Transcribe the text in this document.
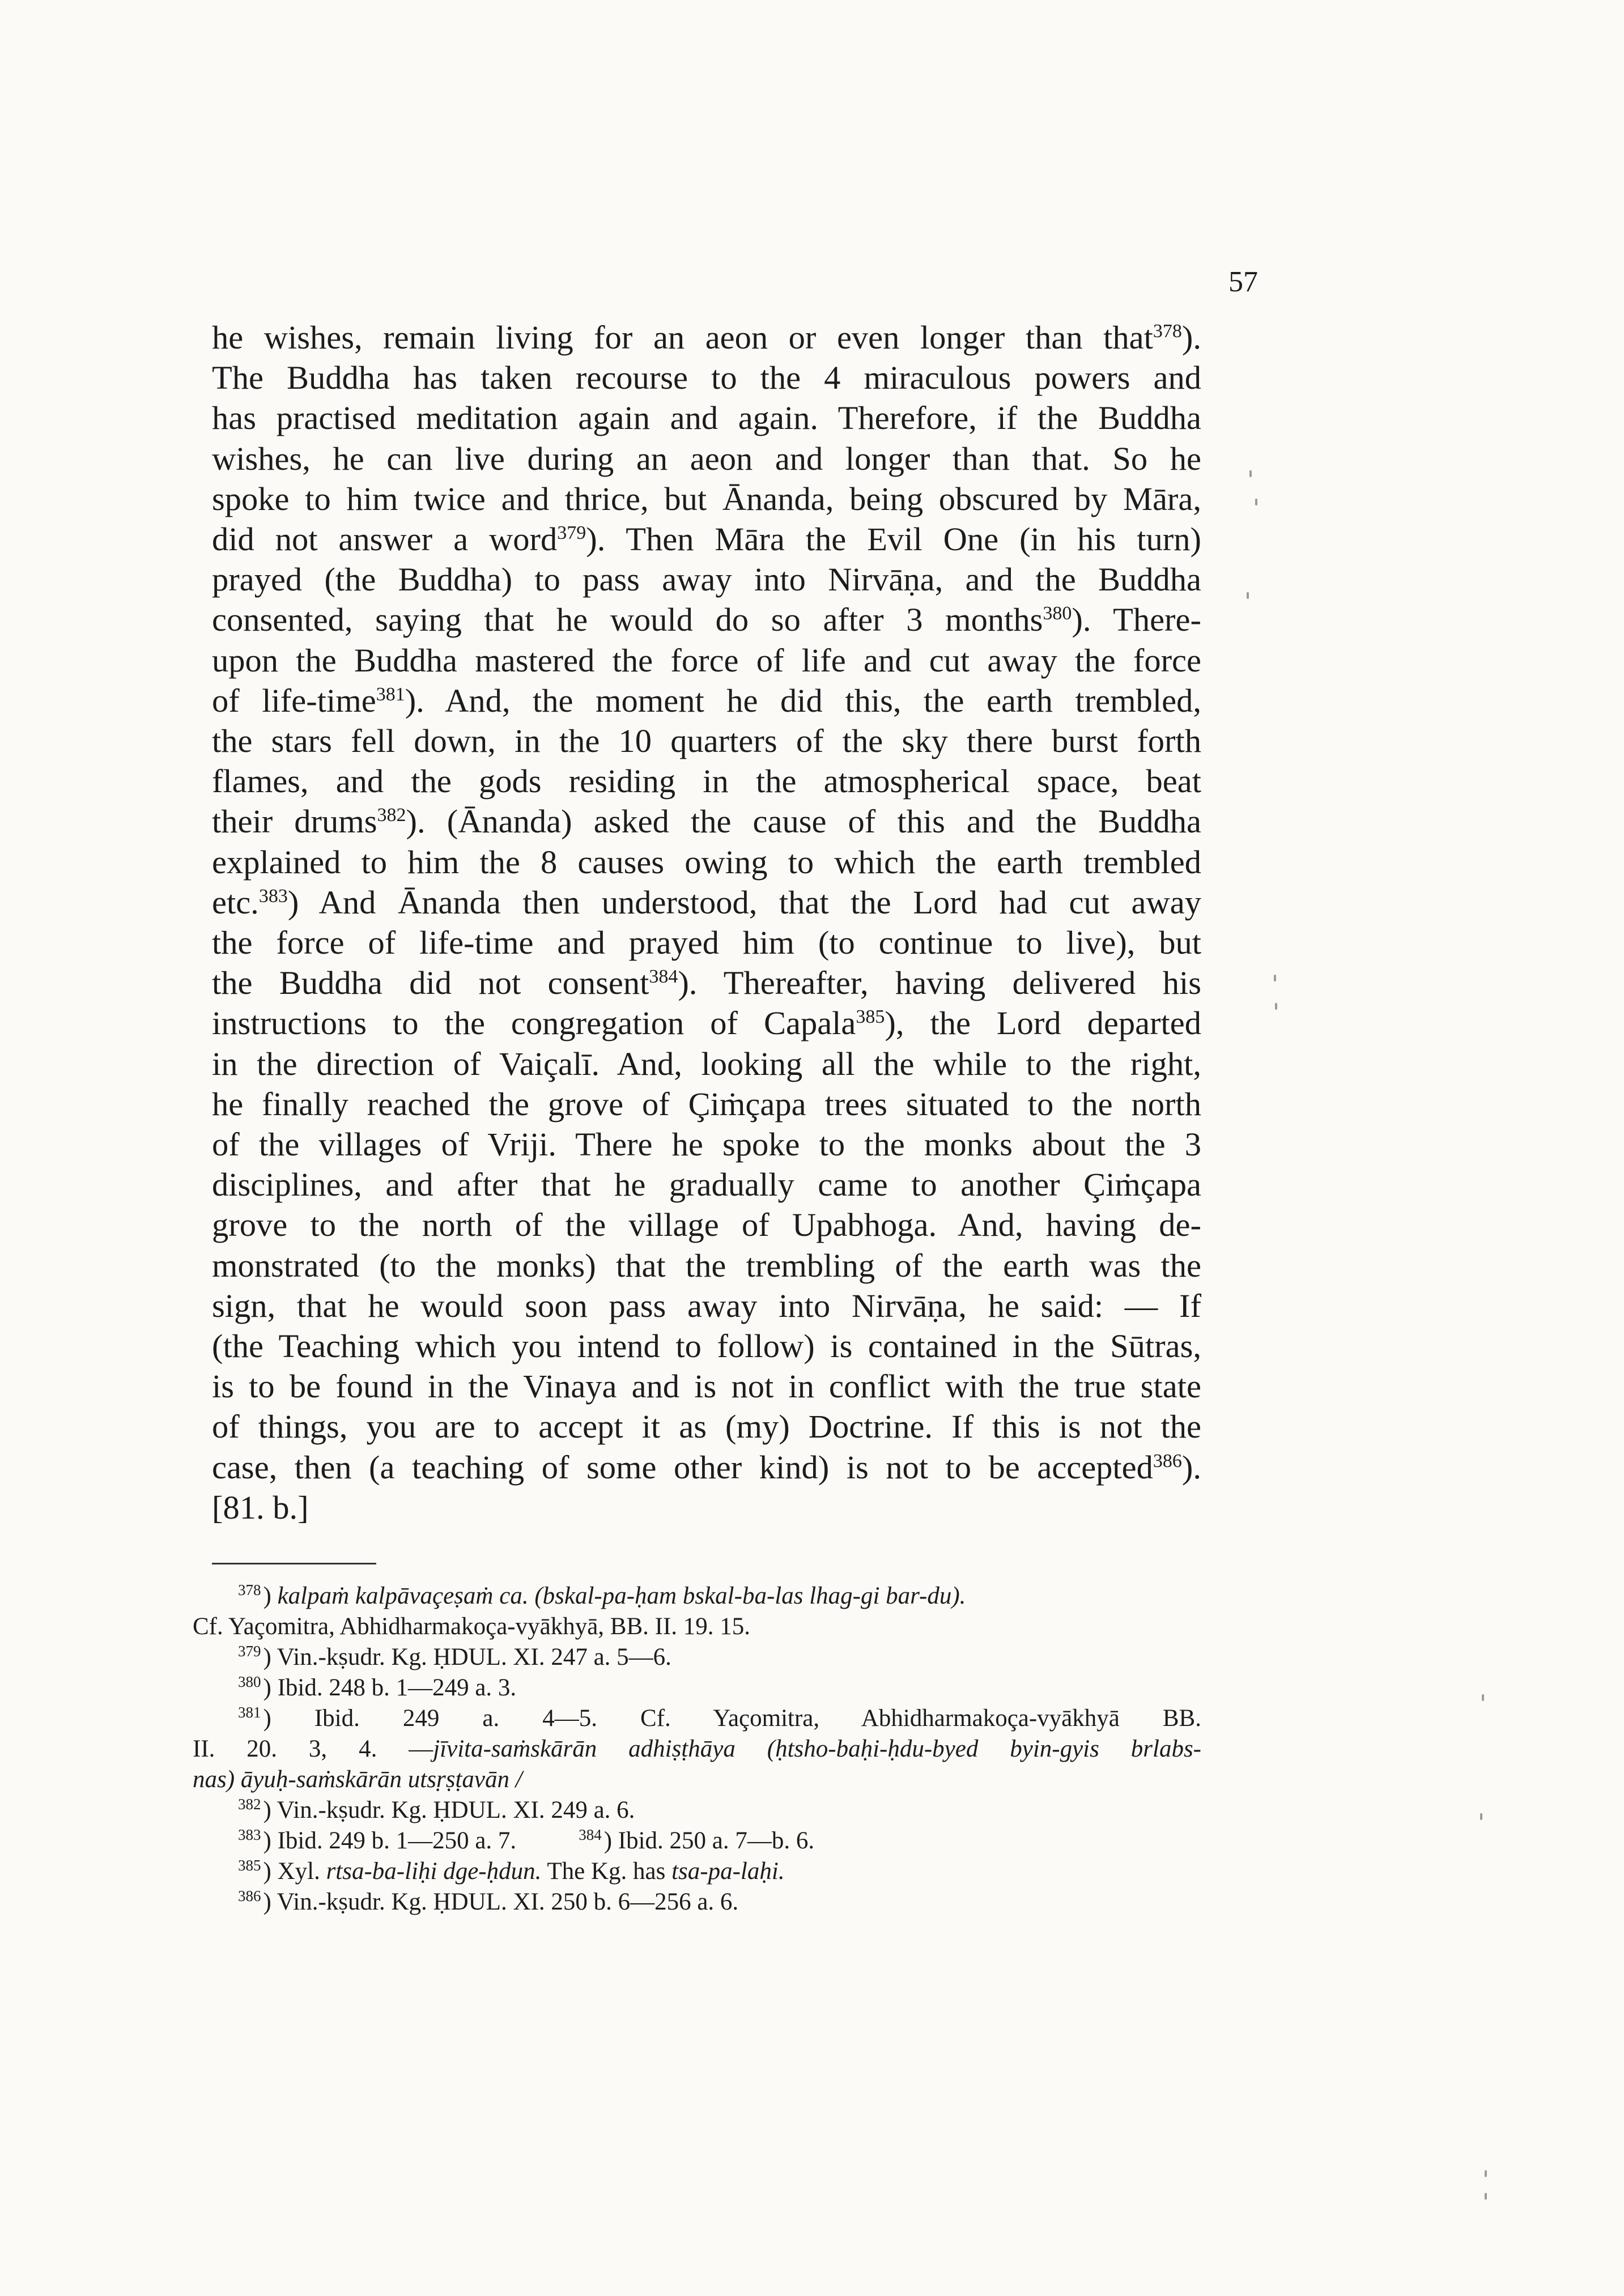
57
he wishes, remain living for an aeon or even longer than that$^{378}$).
The Buddha has taken recourse to the 4 miraculous powers and
has practised meditation again and again. Therefore, if the Buddha
wishes, he can live during an aeon and longer than that. So he
spoke to him twice and thrice, but Ānanda, being obscured by Māra,
did not answer a word$^{379}$). Then Māra the Evil One (in his turn)
prayed (the Buddha) to pass away into Nirvāṇa, and the Buddha
consented, saying that he would do so after 3 months$^{380}$). There-
upon the Buddha mastered the force of life and cut away the force
of life-time$^{381}$). And, the moment he did this, the earth trembled,
the stars fell down, in the 10 quarters of the sky there burst forth
flames, and the gods residing in the atmospherical space, beat
their drums$^{382}$). (Ānanda) asked the cause of this and the Buddha
explained to him the 8 causes owing to which the earth trembled
etc.$^{383}$) And Ānanda then understood, that the Lord had cut away
the force of life-time and prayed him (to continue to live), but
the Buddha did not consent$^{384}$). Thereafter, having delivered his
instructions to the congregation of Capala$^{385}$), the Lord departed
in the direction of Vaiçalī. And, looking all the while to the right,
he finally reached the grove of Çiṁçapa trees situated to the north
of the villages of Vriji. There he spoke to the monks about the 3
disciplines, and after that he gradually came to another Çiṁçapa
grove to the north of the village of Upabhoga. And, having de-
monstrated (to the monks) that the trembling of the earth was the
sign, that he would soon pass away into Nirvāṇa, he said: — If
(the Teaching which you intend to follow) is contained in the Sūtras,
is to be found in the Vinaya and is not in conflict with the true state
of things, you are to accept it as (my) Doctrine. If this is not the
case, then (a teaching of some other kind) is not to be accepted$^{386}$).
[81. b.]
$^{378}$) kalpaṁ kalpāvaçeṣaṁ ca. (bskal-pa-ḥam bskal-ba-las lhag-gi bar-du).
Cf. Yaçomitra, Abhidharmakoça-vyākhyā, BB. II. 19. 15.
$^{379}$) Vin.-kṣudr. Kg. ḤDUL. XI. 247 a. 5—6.
$^{380}$) Ibid. 248 b. 1—249 a. 3.
$^{381}$) Ibid. 249 a. 4—5. Cf. Yaçomitra, Abhidharmakoça-vyākhyā BB.
II. 20. 3, 4. —jīvita-saṁskārān adhiṣṭhāya (ḥtsho-baḥi-ḥdu-byed byin-gyis brlabs-
nas) āyuḥ-saṁskārān utsṛṣṭavān /
$^{382}$) Vin.-kṣudr. Kg. ḤDUL. XI. 249 a. 6.
$^{383}$) Ibid. 249 b. 1—250 a. 7.	$^{384}$) Ibid. 250 a. 7—b. 6.
$^{385}$) Xyl. rtsa-ba-liḥi dge-ḥdun. The Kg. has tsa-pa-laḥi.
$^{386}$) Vin.-kṣudr. Kg. ḤDUL. XI. 250 b. 6—256 a. 6.
